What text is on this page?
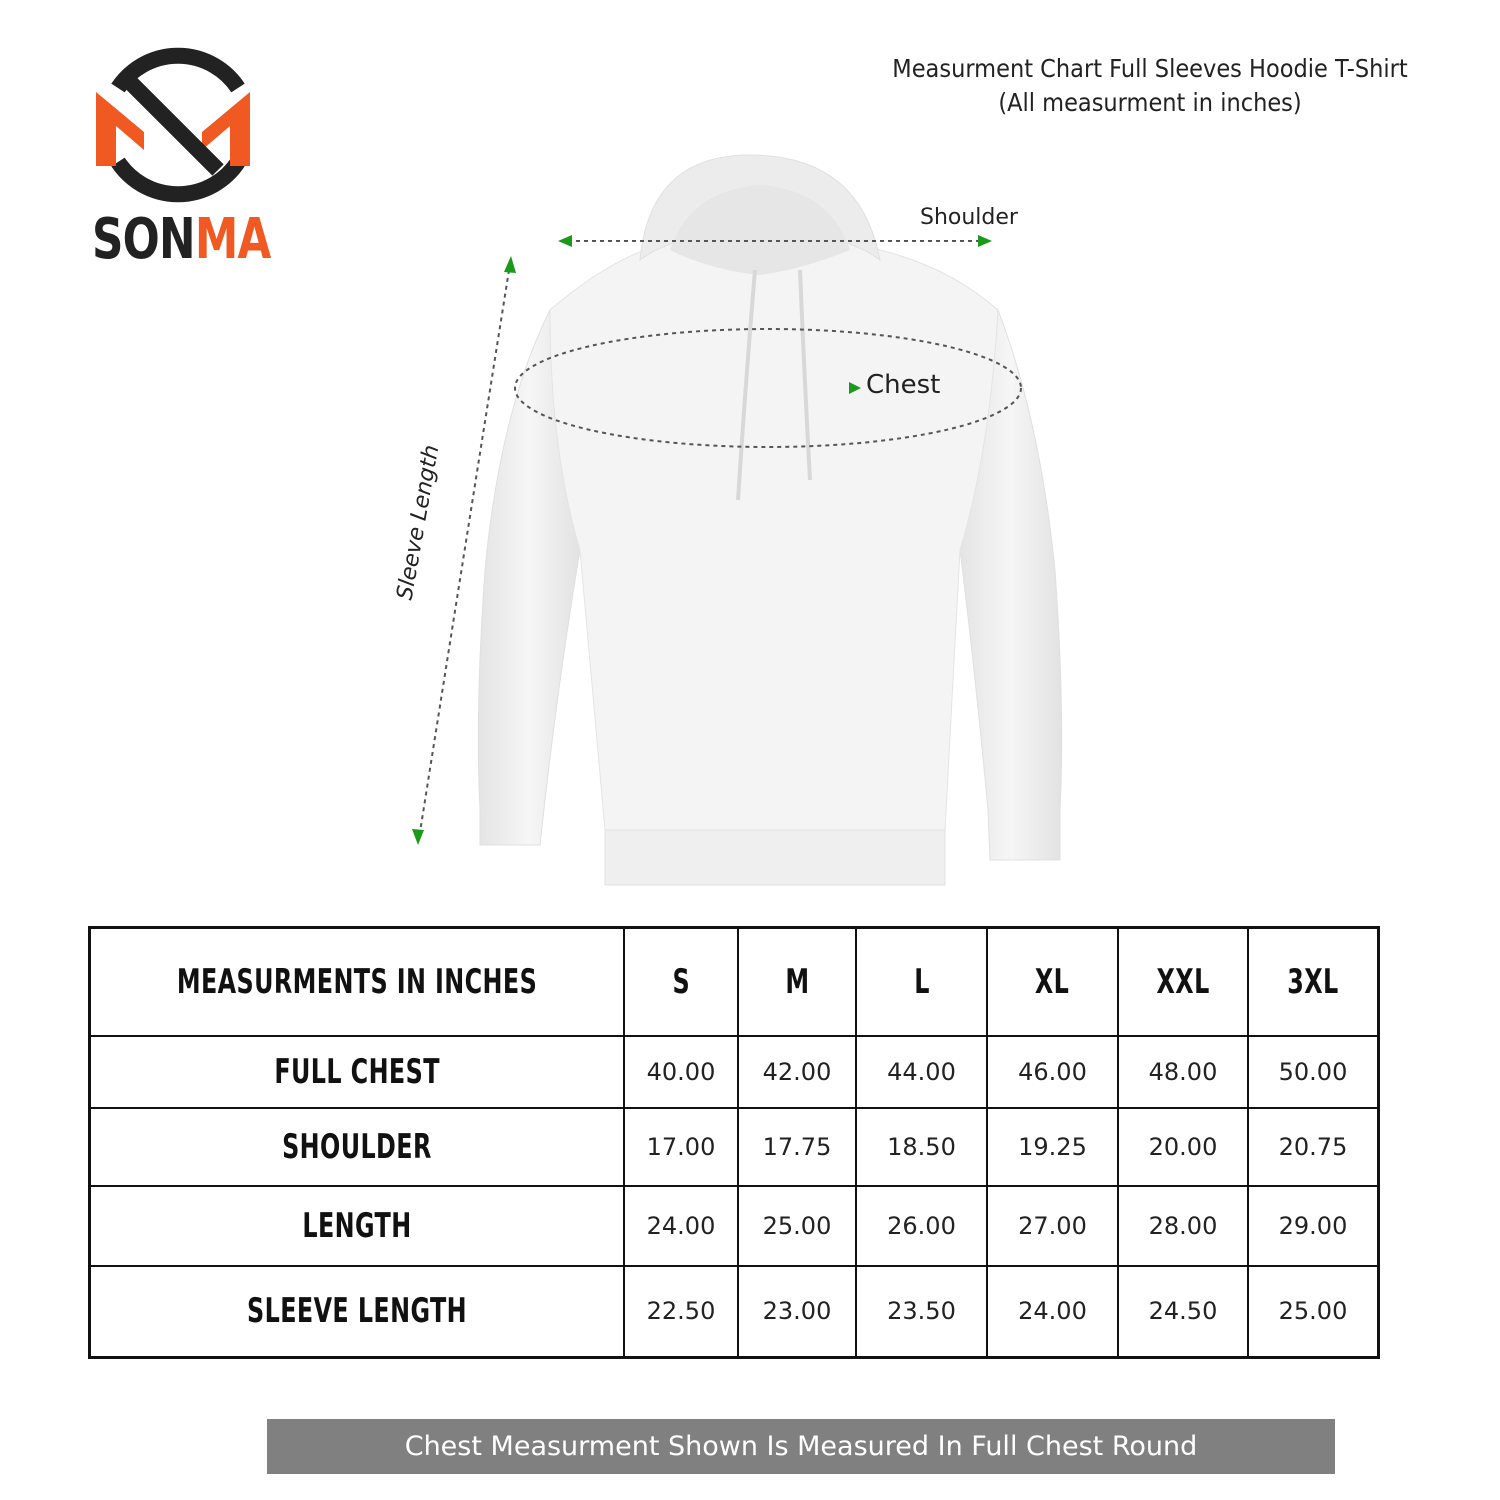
SONMA
Measurment Chart Full Sleeves Hoodie T-Shirt
(All measurment in inches)
Shoulder
Chest
Sleeve Length
MEASURMENTS IN INCHES	S	M	L	XL	XXL	3XL
FULL CHEST	40.00	42.00	44.00	46.00	48.00	50.00
SHOULDER	17.00	17.75	18.50	19.25	20.00	20.75
LENGTH	24.00	25.00	26.00	27.00	28.00	29.00
SLEEVE LENGTH	22.50	23.00	23.50	24.00	24.50	25.00
Chest Measurment Shown Is Measured In Full Chest Round
